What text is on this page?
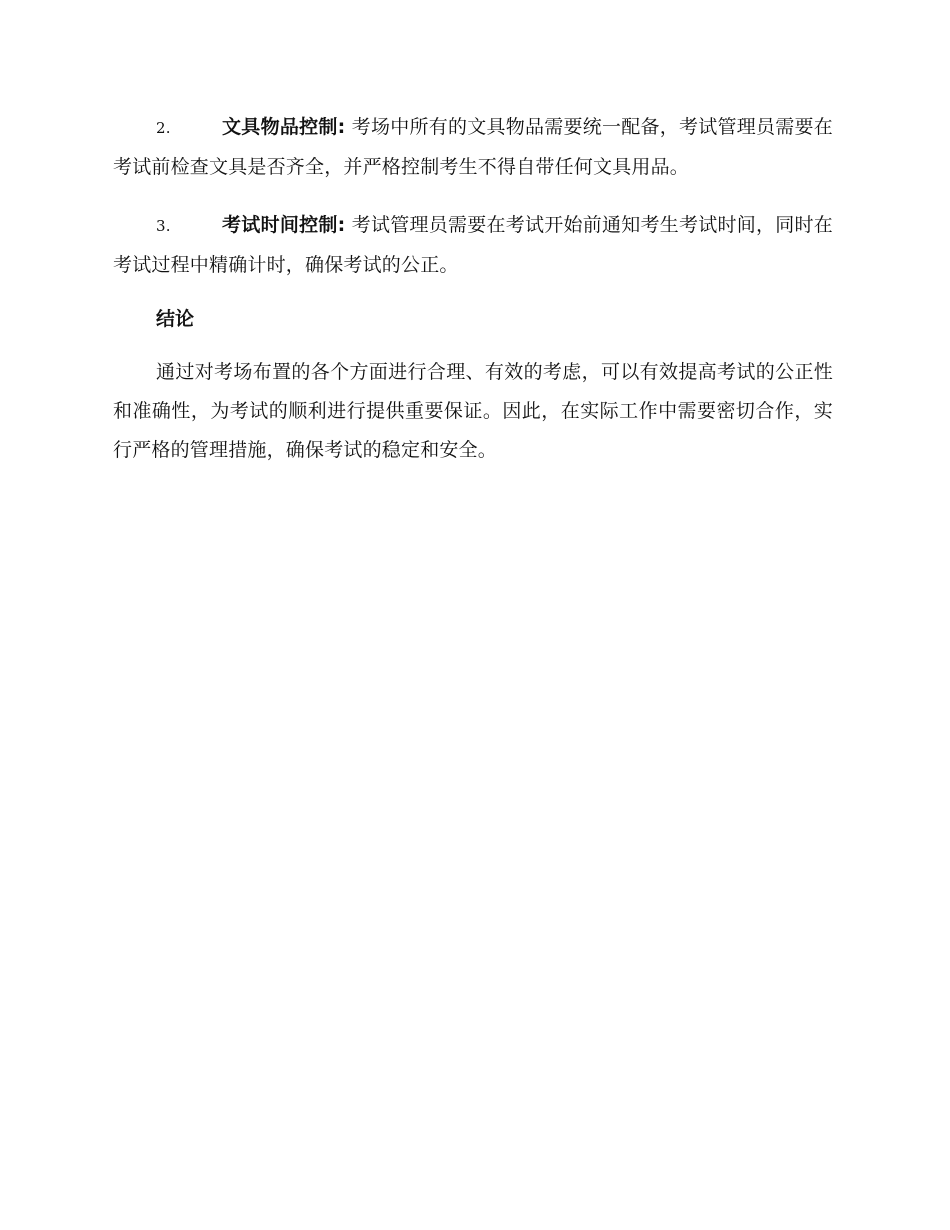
2.	文具物品控制: 考场中所有的文具物品需要统一配备，考试管理员需要在考试前检查文具是否齐全，并严格控制考生不得自带任何文具用品。

3.	考试时间控制: 考试管理员需要在考试开始前通知考生考试时间，同时在考试过程中精确计时，确保考试的公正。

结论

通过对考场布置的各个方面进行合理、有效的考虑，可以有效提高考试的公正性和准确性，为考试的顺利进行提供重要保证。因此，在实际工作中需要密切合作，实行严格的管理措施，确保考试的稳定和安全。
